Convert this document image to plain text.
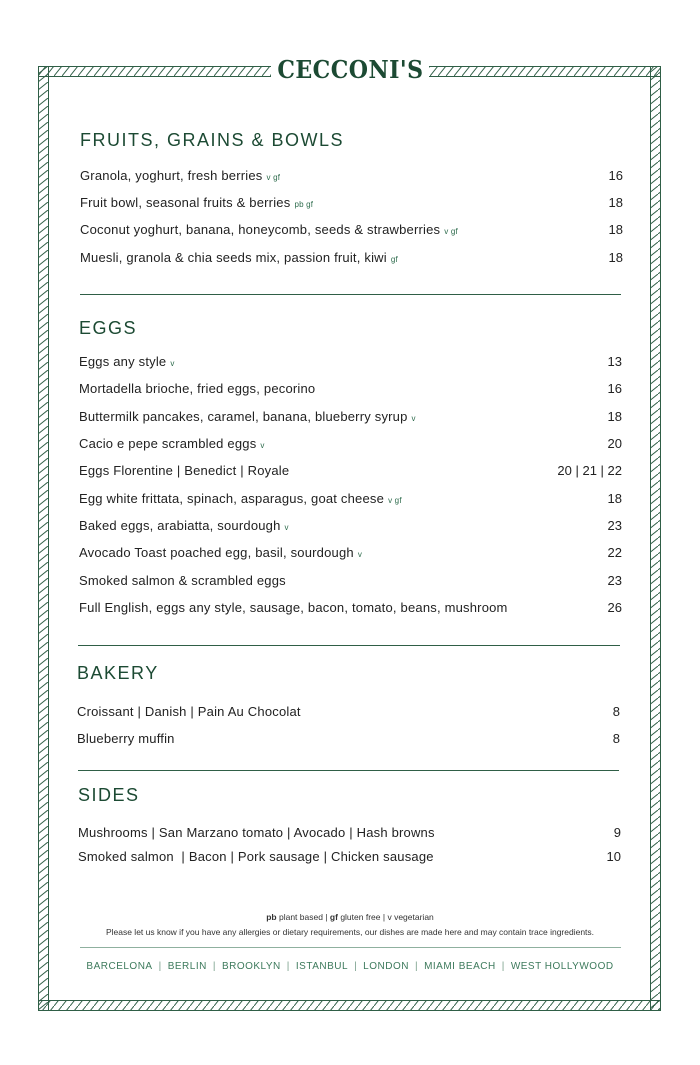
CECCONI'S
FRUITS, GRAINS & BOWLS
Granola, yoghurt, fresh berries v gf	16
Fruit bowl, seasonal fruits & berries pb gf	18
Coconut yoghurt, banana, honeycomb, seeds & strawberries v gf	18
Muesli, granola & chia seeds mix, passion fruit, kiwi gf	18
EGGS
Eggs any style v	13
Mortadella brioche, fried eggs, pecorino	16
Buttermilk pancakes, caramel, banana, blueberry syrup v	18
Cacio e pepe scrambled eggs v	20
Eggs Florentine | Benedict | Royale	20 | 21 | 22
Egg white frittata, spinach, asparagus, goat cheese v gf	18
Baked eggs, arabiatta, sourdough v	23
Avocado Toast poached egg, basil, sourdough v	22
Smoked salmon & scrambled eggs	23
Full English, eggs any style, sausage, bacon, tomato, beans, mushroom	26
BAKERY
Croissant | Danish | Pain Au Chocolat	8
Blueberry muffin	8
SIDES
Mushrooms | San Marzano tomato | Avocado | Hash browns	9
Smoked salmon  | Bacon | Pork sausage | Chicken sausage	10
pb plant based | gf gluten free | v vegetarian
Please let us know if you have any allergies or dietary requirements, our dishes are made here and may contain trace ingredients.
BARCELONA | BERLIN | BROOKLYN | ISTANBUL | LONDON | MIAMI BEACH | WEST HOLLYWOOD
